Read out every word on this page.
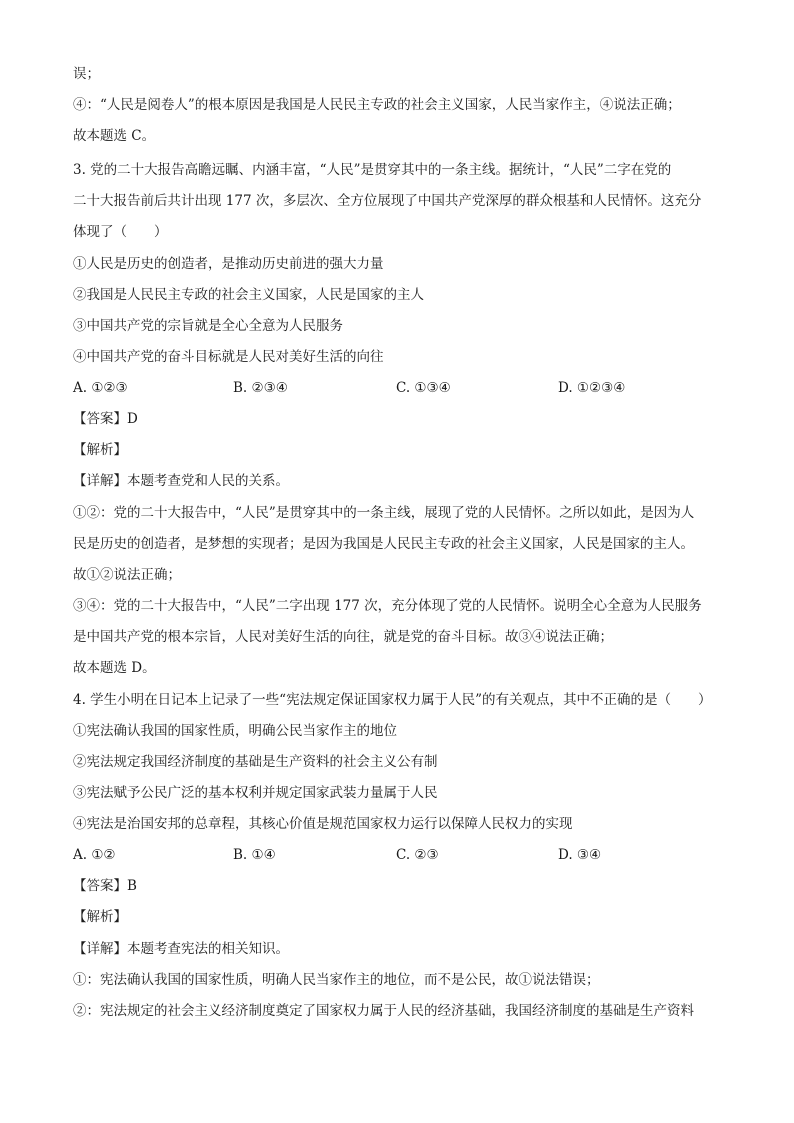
误；
④：“人民是阅卷人”的根本原因是我国是人民民主专政的社会主义国家，人民当家作主，④说法正确；
故本题选 C。
3. 党的二十大报告高瞻远瞩、内涵丰富，“人民”是贯穿其中的一条主线。据统计，“人民”二字在党的
二十大报告前后共计出现 177 次，多层次、全方位展现了中国共产党深厚的群众根基和人民情怀。这充分
体现了（　　）
①人民是历史的创造者，是推动历史前进的强大力量
②我国是人民民主专政的社会主义国家，人民是国家的主人
③中国共产党的宗旨就是全心全意为人民服务
④中国共产党的奋斗目标就是人民对美好生活的向往
A. ①②③	B. ②③④	C. ①③④	D. ①②③④
【答案】D
【解析】
【详解】本题考查党和人民的关系。
①②：党的二十大报告中，“人民”是贯穿其中的一条主线，展现了党的人民情怀。之所以如此，是因为人
民是历史的创造者，是梦想的实现者；是因为我国是人民民主专政的社会主义国家，人民是国家的主人。
故①②说法正确；
③④：党的二十大报告中，“人民”二字出现 177 次，充分体现了党的人民情怀。说明全心全意为人民服务
是中国共产党的根本宗旨，人民对美好生活的向往，就是党的奋斗目标。故③④说法正确；
故本题选 D。
4. 学生小明在日记本上记录了一些“宪法规定保证国家权力属于人民”的有关观点，其中不正确的是（　　）
①宪法确认我国的国家性质，明确公民当家作主的地位
②宪法规定我国经济制度的基础是生产资料的社会主义公有制
③宪法赋予公民广泛的基本权利并规定国家武装力量属于人民
④宪法是治国安邦的总章程，其核心价值是规范国家权力运行以保障人民权力的实现
A. ①②	B. ①④	C. ②③	D. ③④
【答案】B
【解析】
【详解】本题考查宪法的相关知识。
①：宪法确认我国的国家性质，明确人民当家作主的地位，而不是公民，故①说法错误；
②：宪法规定的社会主义经济制度奠定了国家权力属于人民的经济基础，我国经济制度的基础是生产资料
